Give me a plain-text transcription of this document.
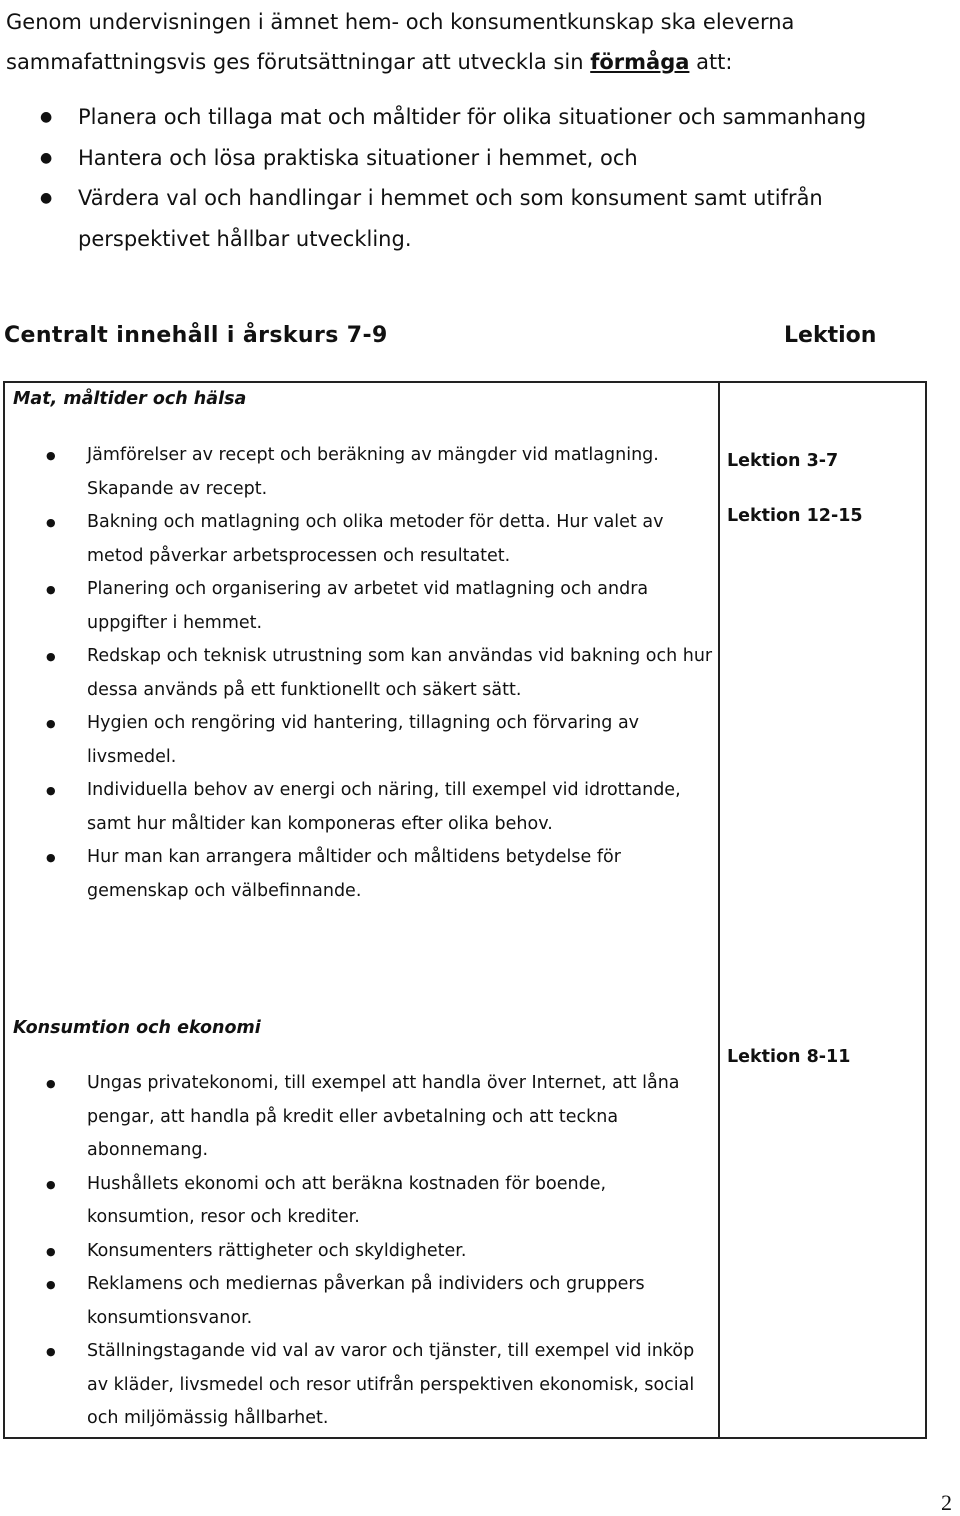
Genom undervisningen i ämnet hem- och konsumentkunskap ska eleverna sammafattningsvis ges förutsättningar att utveckla sin förmåga att:

● Planera och tillaga mat och måltider för olika situationer och sammanhang
● Hantera och lösa praktiska situationer i hemmet, och
● Värdera val och handlingar i hemmet och som konsument samt utifrån perspektivet hållbar utveckling.
Centralt innehåll i årskurs 7-9	Lektion
Mat, måltider och hälsa
● Jämförelser av recept och beräkning av mängder vid matlagning. Skapande av recept.
● Bakning och matlagning och olika metoder för detta. Hur valet av metod påverkar arbetsprocessen och resultatet.
● Planering och organisering av arbetet vid matlagning och andra uppgifter i hemmet.
● Redskap och teknisk utrustning som kan användas vid bakning och hur dessa används på ett funktionellt och säkert sätt.
● Hygien och rengöring vid hantering, tillagning och förvaring av livsmedel.
● Individuella behov av energi och näring, till exempel vid idrottande, samt hur måltider kan komponeras efter olika behov.
● Hur man kan arrangera måltider och måltidens betydelse för gemenskap och välbefinnande.
Lektion 3-7
Lektion 12-15
Konsumtion och ekonomi
● Ungas privatekonomi, till exempel att handla över Internet, att låna pengar, att handla på kredit eller avbetalning och att teckna abonnemang.
● Hushållets ekonomi och att beräkna kostnaden för boende, konsumtion, resor och krediter.
● Konsumenters rättigheter och skyldigheter.
● Reklamens och mediernas påverkan på individers och gruppers konsumtionsvanor.
● Ställningstagande vid val av varor och tjänster, till exempel vid inköp av kläder, livsmedel och resor utifrån perspektiven ekonomisk, social och miljömässig hållbarhet.
Lektion 8-11
2
